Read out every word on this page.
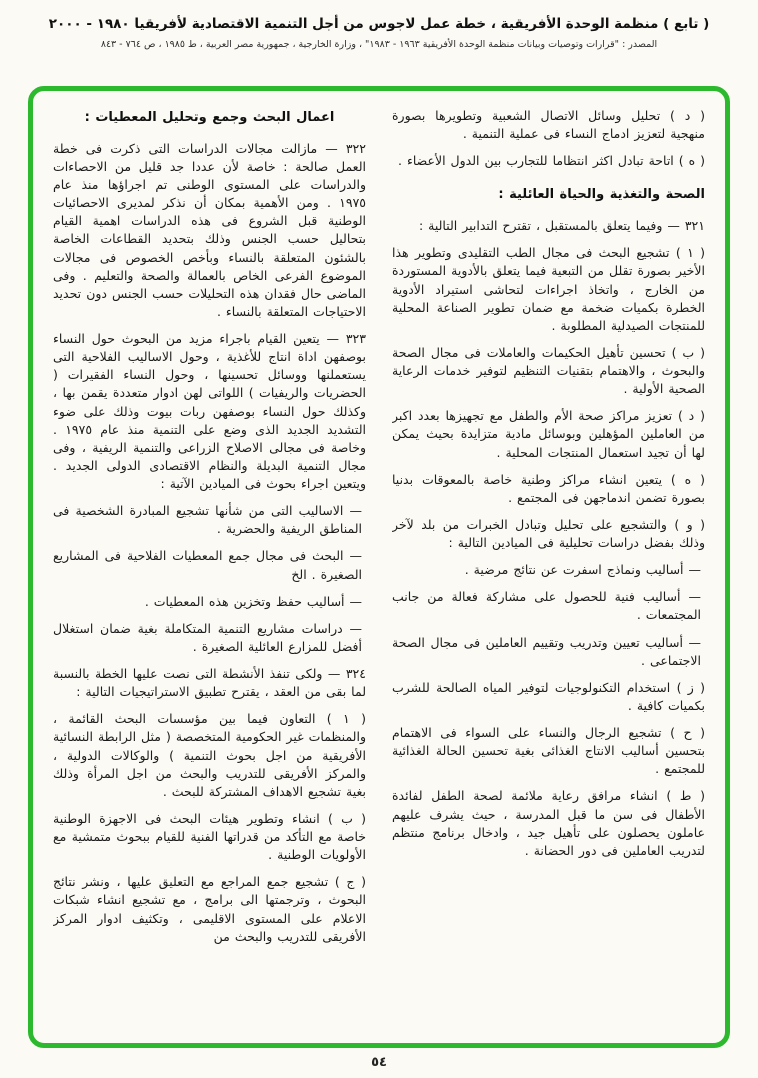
( تابع ) منظمة الوحدة الأفريقية ، خطة عمل لاجوس من أجل التنمية الاقتصادية لأفريقيا ١٩٨٠ - ٢٠٠٠
المصدر : "قرارات وتوصيات وبيانات منظمة الوحدة الأفريقية ١٩٦٣ - ١٩٨٣" ، وزارة الخارجية ، جمهورية مصر العربية ، ط ١٩٨٥ ، ص ٧٦٤ - ٨٤٣

( د ) تحليل وسائل الاتصال الشعبية وتطويرها بصورة منهجية لتعزيز ادماج النساء فى عملية التنمية .

( ه ) اتاحة تبادل اكثر انتظاما للتجارب بين الدول الأعضاء .

الصحة والتغذية والحياة العائلية :

٣٢١ — وفيما يتعلق بالمستقبل ، تقترح التدابير التالية :

( ١ ) تشجيع البحث فى مجال الطب التقليدى وتطوير هذا الأخير بصورة تقلل من التبعية فيما يتعلق بالأدوية المستوردة من الخارج ، واتخاذ اجراءات لتحاشى استيراد الأدوية الخطرة بكميات ضخمة مع ضمان تطوير الصناعة المحلية للمنتجات الصيدلية المطلوبة .

( ب ) تحسين تأهيل الحكيمات والعاملات فى مجال الصحة والبحوث ، والاهتمام بتقنيات التنظيم لتوفير خدمات الرعاية الصحية الأولية .

( د ) تعزيز مراكز صحة الأم والطفل مع تجهيزها بعدد اكبر من العاملين المؤهلين وبوسائل مادية متزايدة بحيث يمكن لها أن تجيد استعمال المنتجات المحلية .

( ه ) يتعين انشاء مراكز وطنية خاصة بالمعوقات بدنيا بصورة تضمن اندماجهن فى المجتمع .

( و ) والتشجيع على تحليل وتبادل الخبرات من بلد لآخر وذلك بفضل دراسات تحليلية فى الميادين التالية :

— أساليب ونماذج اسفرت عن نتائج مرضية .

— أساليب فنية للحصول على مشاركة فعالة من جانب المجتمعات .

— أساليب تعيين وتدريب وتقييم العاملين فى مجال الصحة الاجتماعى .

( ز ) استخدام التكنولوجيات لتوفير المياه الصالحة للشرب بكميات كافية .

( ح ) تشجيع الرجال والنساء على السواء فى الاهتمام بتحسين أساليب الانتاج الغذائى بغية تحسين الحالة الغذائية للمجتمع .

( ط ) انشاء مرافق رعاية ملائمة لصحة الطفل لفائدة الأطفال فى سن ما قبل المدرسة ، حيث يشرف عليهم عاملون يحصلون على تأهيل جيد ، وادخال برنامج منتظم لتدريب العاملين فى دور الحضانة .

اعمال البحث وجمع وتحليل المعطيات :

٣٢٢ — مازالت مجالات الدراسات التى ذكرت فى خطة العمل صالحة : خاصة لأن عددا جد قليل من الاحصاءات والدراسات على المستوى الوطنى تم اجراؤها منذ عام ١٩٧٥ . ومن الأهمية بمكان أن نذكر لمديرى الاحصائيات الوطنية قبل الشروع فى هذه الدراسات اهمية القيام بتحاليل حسب الجنس وذلك بتحديد القطاعات الخاصة بالشئون المتعلقة بالنساء وبأخص الخصوص فى مجالات الموضوع الفرعى الخاص بالعمالة والصحة والتعليم . وفى الماضى حال فقدان هذه التحليلات حسب الجنس دون تحديد الاحتياجات المتعلقة بالنساء .

٣٢٣ — يتعين القيام باجراء مزيد من البحوث حول النساء بوصفهن اداة انتاج للأغذية ، وحول الاساليب الفلاحية التى يستعملنها ووسائل تحسينها ، وحول النساء الفقيرات ( الحضريات والريفيات ) اللواتى لهن ادوار متعددة يقمن بها ، وكذلك حول النساء بوصفهن ربات بيوت وذلك على ضوء التشديد الجديد الذى وضع على التنمية منذ عام ١٩٧٥ . وخاصة فى مجالى الاصلاح الزراعى والتنمية الريفية ، وفى مجال التنمية البديلة والنظام الاقتصادى الدولى الجديد . ويتعين اجراء بحوث فى الميادين الآتية :

— الاساليب التى من شأنها تشجيع المبادرة الشخصية فى المناطق الريفية والحضرية .

— البحث فى مجال جمع المعطيات الفلاحية فى المشاريع الصغيرة . الخ

— أساليب حفظ وتخزين هذه المعطيات .

— دراسات مشاريع التنمية المتكاملة بغية ضمان استغلال أفضل للمزارع العائلية الصغيرة .

٣٢٤ — ولكى تنفذ الأنشطة التى نصت عليها الخطة بالنسبة لما بقى من العقد ، يقترح تطبيق الاستراتيجيات التالية :

( ١ ) التعاون فيما بين مؤسسات البحث القائمة ، والمنظمات غير الحكومية المتخصصة ( مثل الرابطة النسائية الأفريقية من اجل بحوث التنمية ) والوكالات الدولية ، والمركز الأفريقى للتدريب والبحث من اجل المرأة وذلك بغية تشجيع الاهداف المشتركة للبحث .

( ب ) انشاء وتطوير هيئات البحث فى الاجهزة الوطنية خاصة مع التأكد من قدراتها الفنية للقيام ببحوث متمشية مع الأولويات الوطنية .

( ج ) تشجيع جمع المراجع مع التعليق عليها ، ونشر نتائج البحوث ، وترجمتها الى برامج ، مع تشجيع انشاء شبكات الاعلام على المستوى الاقليمى ، وتكثيف ادوار المركز الأفريقى للتدريب والبحث من

٥٤
